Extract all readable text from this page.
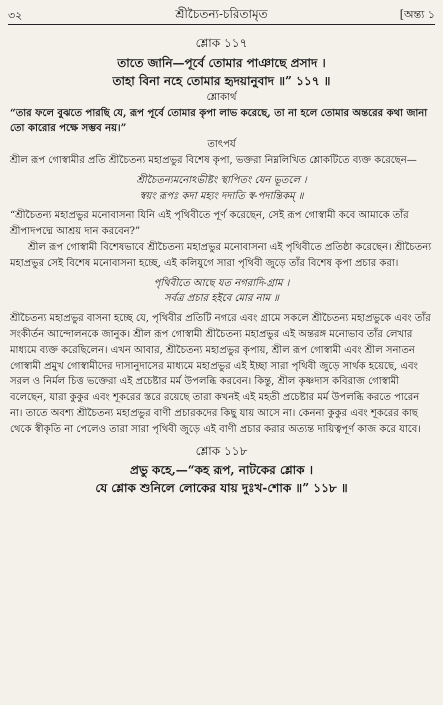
৩২	শ্রীচৈতন্য-চরিতামৃত	[অন্ত্য ১
শ্লোক ১১৭
তাতে জানি—পূর্বে তোমার পাঞাছে প্রসাদ ।
তাহা বিনা নহে তোমার হৃদয়ানুবাদ ॥” ১১৭ ॥
শ্লোকার্থ

“তার ফলে বুঝতে পারছি যে, রূপ পূর্বে তোমার কৃপা লাভ করেছে, তা না হলে তোমার অন্তরের কথা জানা তো কারোর পক্ষে সম্ভব নয়।”

তাৎপর্য

শ্রীল রূপ গোস্বামীর প্রতি শ্রীচৈতন্য মহাপ্রভুর বিশেষ কৃপা, ভক্তরা নিম্নলিখিত শ্লোকটিতে ব্যক্ত করেছেন—

শ্রীচৈতন্যমনোঽভীষ্টং স্থাপিতং যেন ভূতলে ।
স্বয়ং রূপঃ কদা মহ্যং দদাতি স্ব-পদান্তিকম্ ॥

“শ্রীচৈতন্য মহাপ্রভুর মনোবাসনা যিনি এই পৃথিবীতে পূর্ণ করেছেন, সেই রূপ গোস্বামী কবে আমাকে তাঁর শ্রীপাদপদ্মে আশ্রয় দান করবেন?”

শ্রীল রূপ গোস্বামী বিশেষভাবে শ্রীচৈতন্য মহাপ্রভুর মনোবাসনা এই পৃথিবীতে প্রতিষ্ঠা করেছেন। শ্রীচৈতন্য মহাপ্রভুর সেই বিশেষ মনোবাসনা হচ্ছে, এই কলিযুগে সারা পৃথিবী জুড়ে তাঁর বিশেষ কৃপা প্রচার করা।

পৃথিবীতে আছে যত নগরাদি-গ্রাম ।
সর্বত্র প্রচার হইবে মোর নাম ॥

শ্রীচৈতন্য মহাপ্রভুর বাসনা হচ্ছে যে, পৃথিবীর প্রতিটি নগরে এবং গ্রামে সকলে শ্রীচৈতন্য মহাপ্রভুকে এবং তাঁর সংকীর্তন আন্দোলনকে জানুক। শ্রীল রূপ গোস্বামী শ্রীচৈতন্য মহাপ্রভুর এই অন্তরঙ্গ মনোভাব তাঁর লেখার মাধ্যমে ব্যক্ত করেছিলেন। এখন আবার, শ্রীচৈতন্য মহাপ্রভুর কৃপায়, শ্রীল রূপ গোস্বামী এবং শ্রীল সনাতন গোস্বামী প্রমুখ গোস্বামীদের দাসানুদাসের মাধ্যমে মহাপ্রভুর এই ইচ্ছা সারা পৃথিবী জুড়ে সার্থক হয়েছে, এবং সরল ও নির্মল চিত্ত ভক্তেরা এই প্রচেষ্টার মর্ম উপলব্ধি করবেন। কিন্তু, শ্রীল কৃষ্ণদাস কবিরাজ গোস্বামী বলেছেন, যারা কুকুর এবং শূকরের স্তরে রয়েছে তারা কখনই এই মহতী প্রচেষ্টার মর্ম উপলব্ধি করতে পারেন না। তাতে অবশ্য শ্রীচৈতন্য মহাপ্রভুর বাণী প্রচারকদের কিছু যায় আসে না। কেননা কুকুর এবং শূকরের কাছ থেকে স্বীকৃতি না পেলেও তারা সারা পৃথিবী জুড়ে এই বাণী প্রচার করার অত্যন্ত দায়িত্বপূর্ণ কাজ করে যাবে।

শ্লোক ১১৮
প্রভু কহে,—“কহ রূপ, নাটকের শ্লোক ।
যে শ্লোক শুনিলে লোকের যায় দুঃখ-শোক ॥” ১১৮ ॥
